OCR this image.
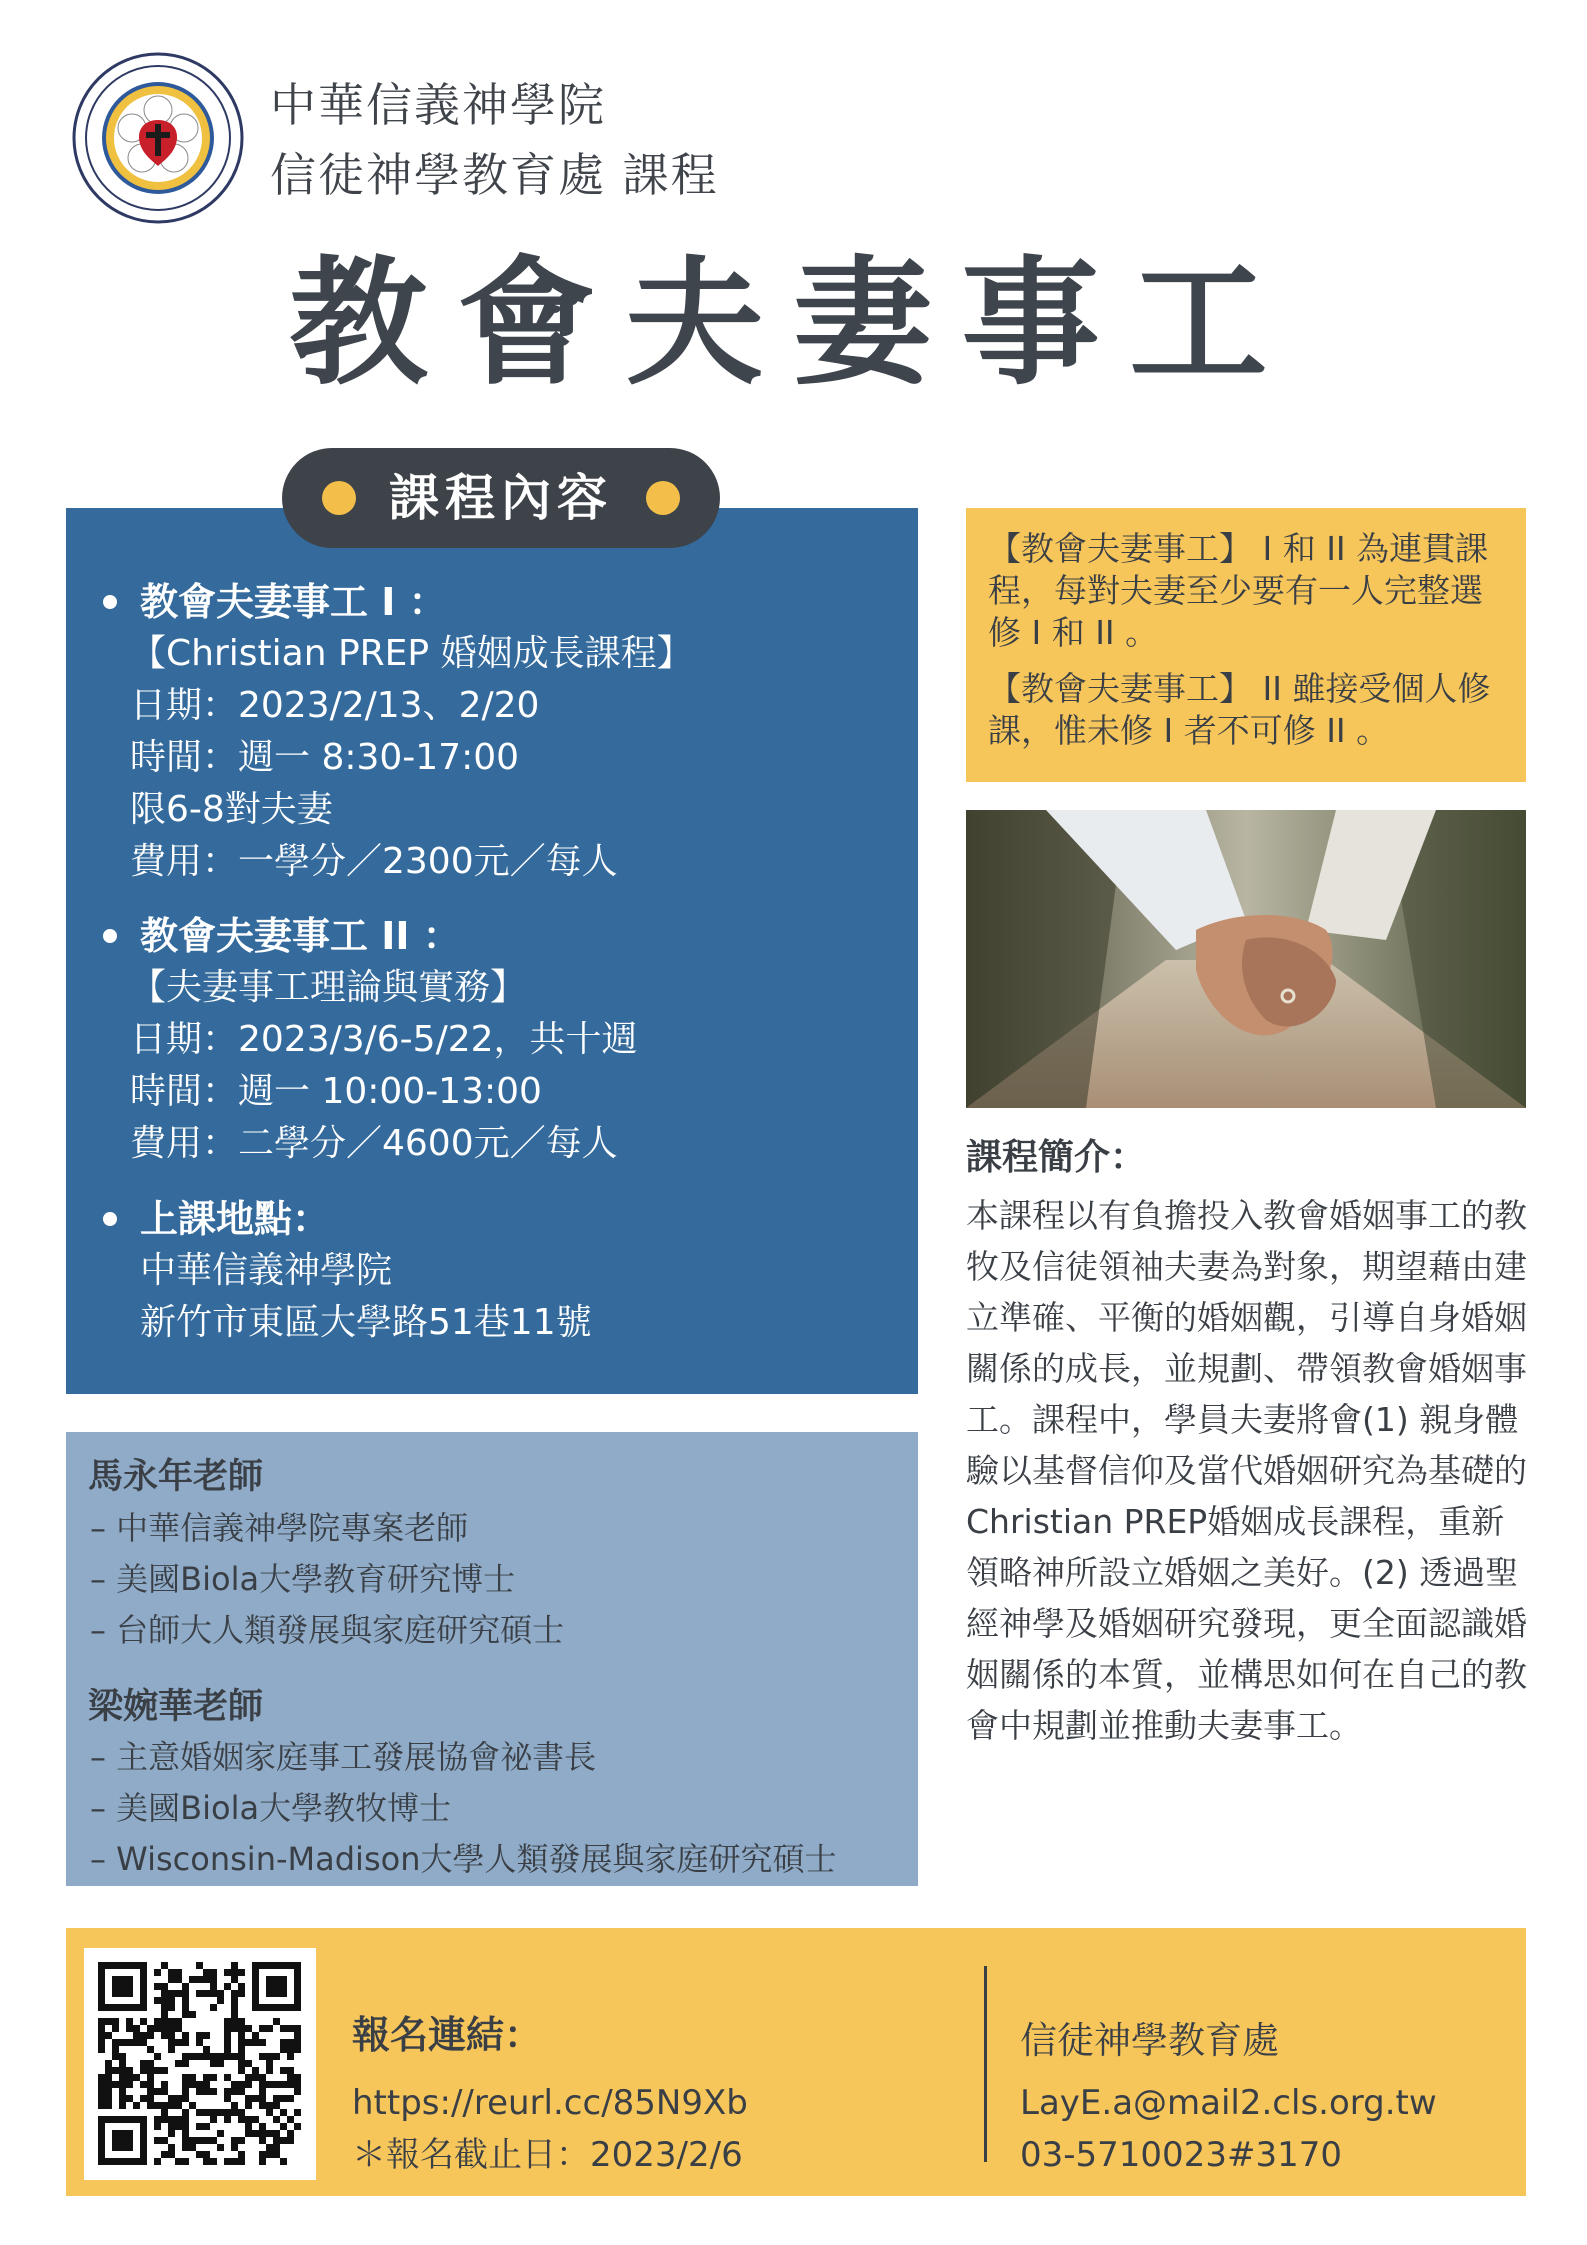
中華信義神學院
信徒神學教育處 課程
教會夫妻事工
課程內容
教會夫妻事工 I ：
【Christian PREP 婚姻成長課程】
日期：2023/2/13、2/20
時間：週一 8:30-17:00
限6-8對夫妻
費用：一學分／2300元／每人
教會夫妻事工 II ：
【夫妻事工理論與實務】
日期：2023/3/6-5/22，共十週
時間：週一 10:00-13:00
費用：二學分／4600元／每人
上課地點：
中華信義神學院
新竹市東區大學路51巷11號

【教會夫妻事工】 I 和 II 為連貫課程，每對夫妻至少要有一人完整選修 I 和 II 。

【教會夫妻事工】 II 雖接受個人修課，惟未修 I 者不可修 II 。

課程簡介：
本課程以有負擔投入教會婚姻事工的教牧及信徒領袖夫妻為對象，期望藉由建立準確、平衡的婚姻觀，引導自身婚姻關係的成長，並規劃、帶領教會婚姻事工。課程中，學員夫妻將會(1) 親身體驗以基督信仰及當代婚姻研究為基礎的Christian PREP婚姻成長課程，重新領略神所設立婚姻之美好。(2) 透過聖經神學及婚姻研究發現，更全面認識婚姻關係的本質，並構思如何在自己的教會中規劃並推動夫妻事工。
馬永年老師
– 中華信義神學院專案老師
– 美國Biola大學教育研究博士
– 台師大人類發展與家庭研究碩士
梁婉華老師
– 主意婚姻家庭事工發展協會祕書長
– 美國Biola大學教牧博士
– Wisconsin-Madison大學人類發展與家庭研究碩士
報名連結：
https://reurl.cc/85N9Xb
＊報名截止日：2023/2/6
信徒神學教育處
LayE.a@mail2.cls.org.tw
03-5710023#3170
